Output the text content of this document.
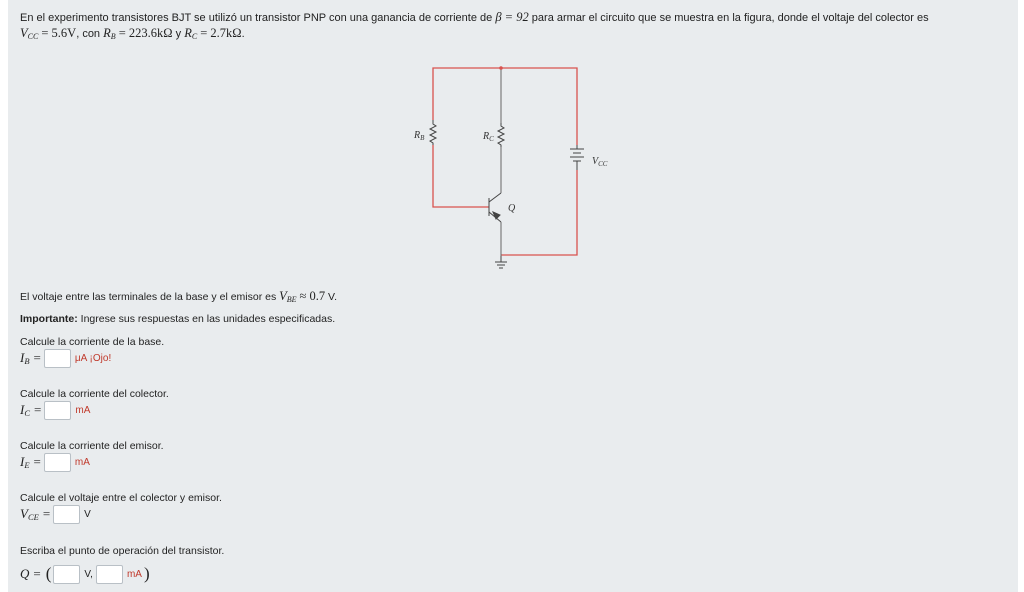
En el experimento transistores BJT se utilizó un transistor PNP con una ganancia de corriente de β = 92 para armar el circuito que se muestra en la figura, donde el voltaje del colector es
$V_{CC} = 5.6V$, con $R_B = 223.6k\Omega$ y $R_C = 2.7k\Omega$.
$R_B$	$R_C$
Q
$V_{CC}$
El voltaje entre las terminales de la base y el emisor es $V_{BE} \approx 0.7$ V.
Importante: Ingrese sus respuestas en las unidades especificadas.
Calcule la corriente de la base.
$I_B$ =	μA ¡Ojo!
Calcule la corriente del colector.
$I_C$ =	mA
Calcule la corriente del emisor.
$I_E$ =	mA
Calcule el voltaje entre el colector y emisor.
$V_{CE}$ =	V
Escriba el punto de operación del transistor.
Q = (	V,	mA )
